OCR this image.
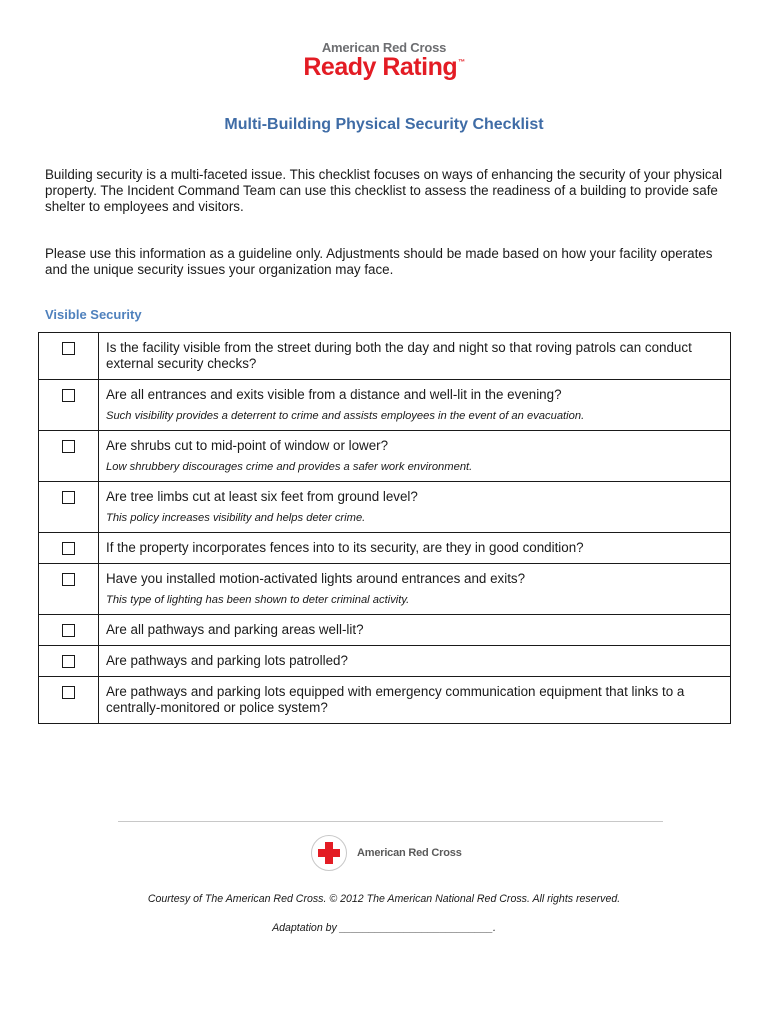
American Red Cross
Ready Rating™
Multi-Building Physical Security Checklist
Building security is a multi-faceted issue. This checklist focuses on ways of enhancing the security of your physical property. The Incident Command Team can use this checklist to assess the readiness of a building to provide safe shelter to employees and visitors.
Please use this information as a guideline only. Adjustments should be made based on how your facility operates and the unique security issues your organization may face.
Visible Security

	Is the facility visible from the street during both the day and night so that roving patrols can conduct external security checks?

	Are all entrances and exits visible from a distance and well-lit in the evening?
Such visibility provides a deterrent to crime and assists employees in the event of an evacuation.

	Are shrubs cut to mid-point of window or lower?
Low shrubbery discourages crime and provides a safer work environment.

	Are tree limbs cut at least six feet from ground level?
This policy increases visibility and helps deter crime.

	If the property incorporates fences into to its security, are they in good condition?

	Have you installed motion-activated lights around entrances and exits?
This type of lighting has been shown to deter criminal activity.

	Are all pathways and parking areas well-lit?

	Are pathways and parking lots patrolled?

	Are pathways and parking lots equipped with emergency communication equipment that links to a centrally-monitored or police system?
American Red Cross
Courtesy of The American Red Cross. © 2012 The American National Red Cross. All rights reserved.
Adaptation by __________________________.
